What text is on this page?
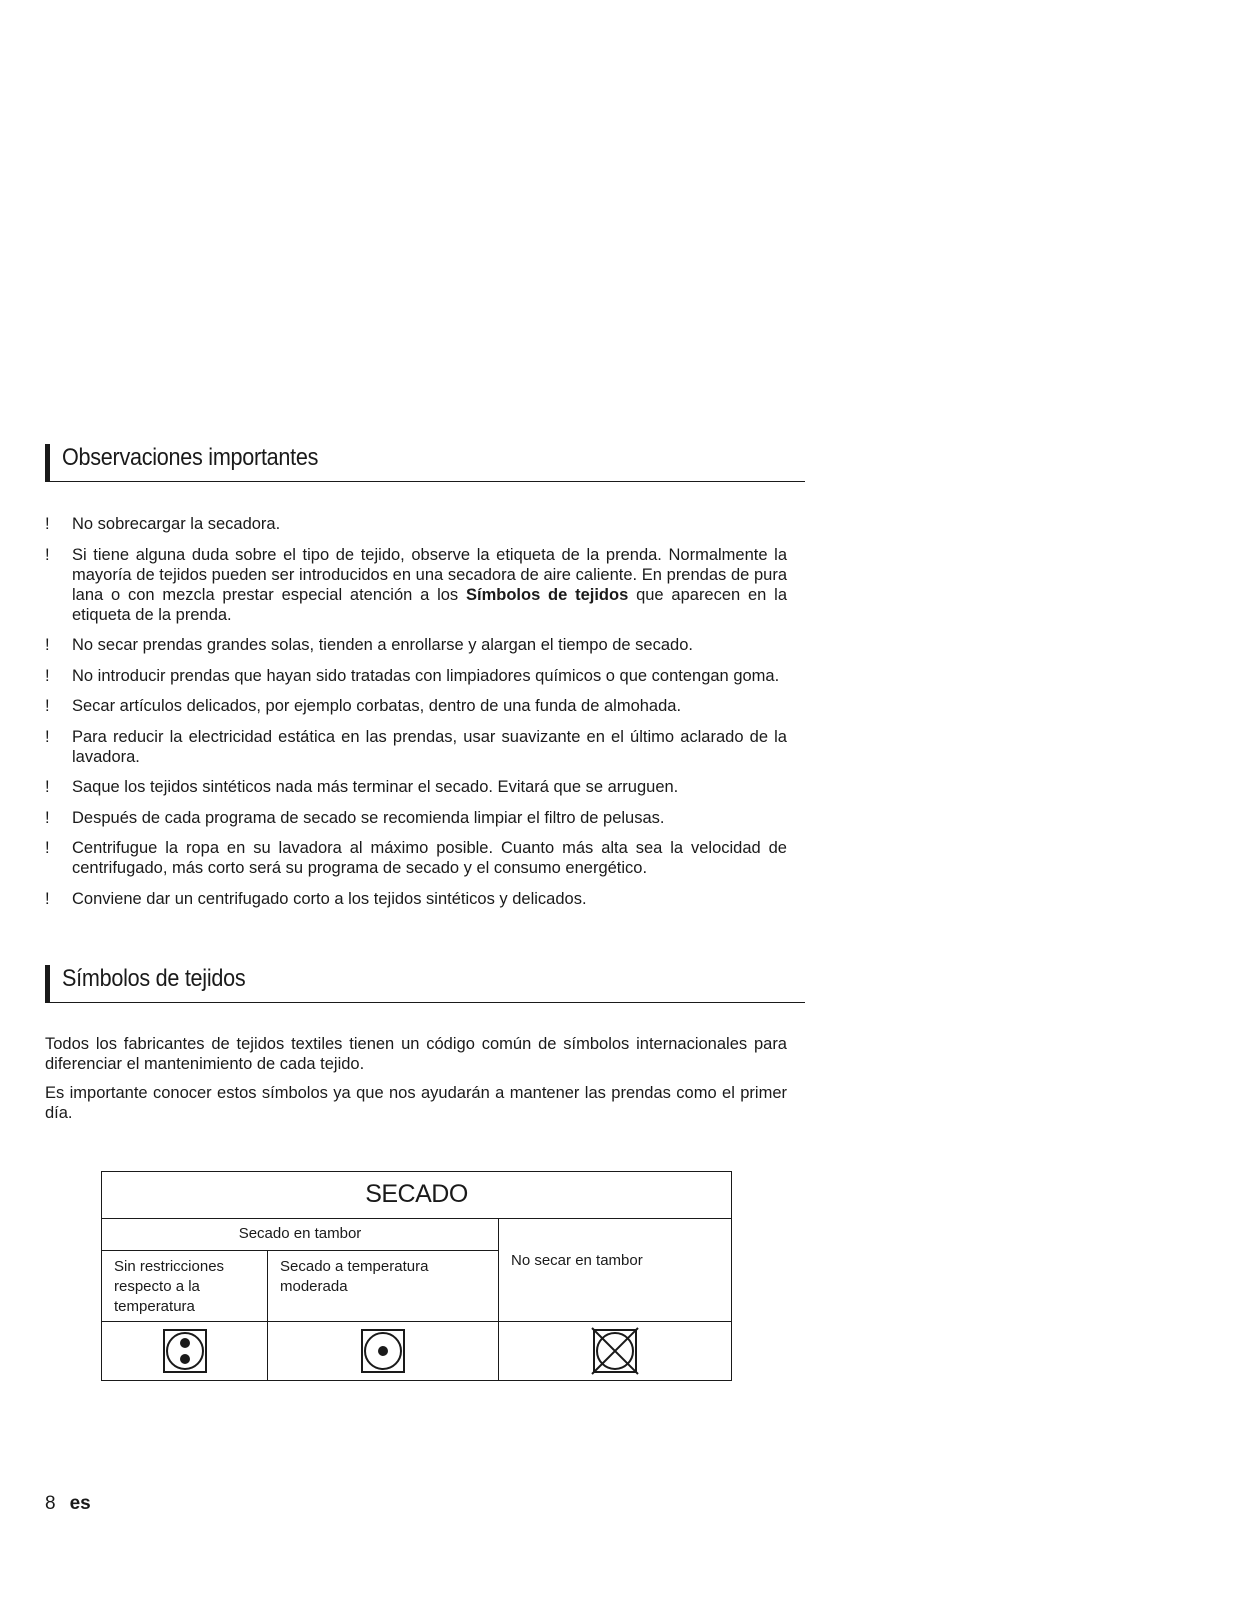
Observaciones importantes
!	No sobrecargar la secadora.
!	Si tiene alguna duda sobre el tipo de tejido, observe la etiqueta de la prenda. Normalmente la mayoría de tejidos pueden ser introducidos en una secadora de aire caliente. En prendas de pura lana o con mezcla prestar especial atención a los Símbolos de tejidos que aparecen en la etiqueta de la prenda.
!	No secar prendas grandes solas, tienden a enrollarse y alargan el tiempo de secado.
!	No introducir prendas que hayan sido tratadas con limpiadores químicos o que contengan goma.
!	Secar artículos delicados, por ejemplo corbatas, dentro de una funda de almohada.
!	Para reducir la electricidad estática en las prendas, usar suavizante en el último aclarado de la lavadora.
!	Saque los tejidos sintéticos nada más terminar el secado. Evitará que se arruguen.
!	Después de cada programa de secado se recomienda limpiar el filtro de pelusas.
!	Centrifugue la ropa en su lavadora al máximo posible. Cuanto más alta sea la velocidad de centrifugado, más corto será su programa de secado y el consumo energético.
!	Conviene dar un centrifugado corto a los tejidos sintéticos y delicados.
Símbolos de tejidos

Todos los fabricantes de tejidos textiles tienen un código común de símbolos internacionales para diferenciar el mantenimiento de cada tejido.

Es importante conocer estos símbolos ya que nos ayudarán a mantener las prendas como el primer día.

SECADO		
Secado en tambor		No secar en tambor
Sin restricciones respecto a la temperatura	Secado a temperatura moderada	

8 es
